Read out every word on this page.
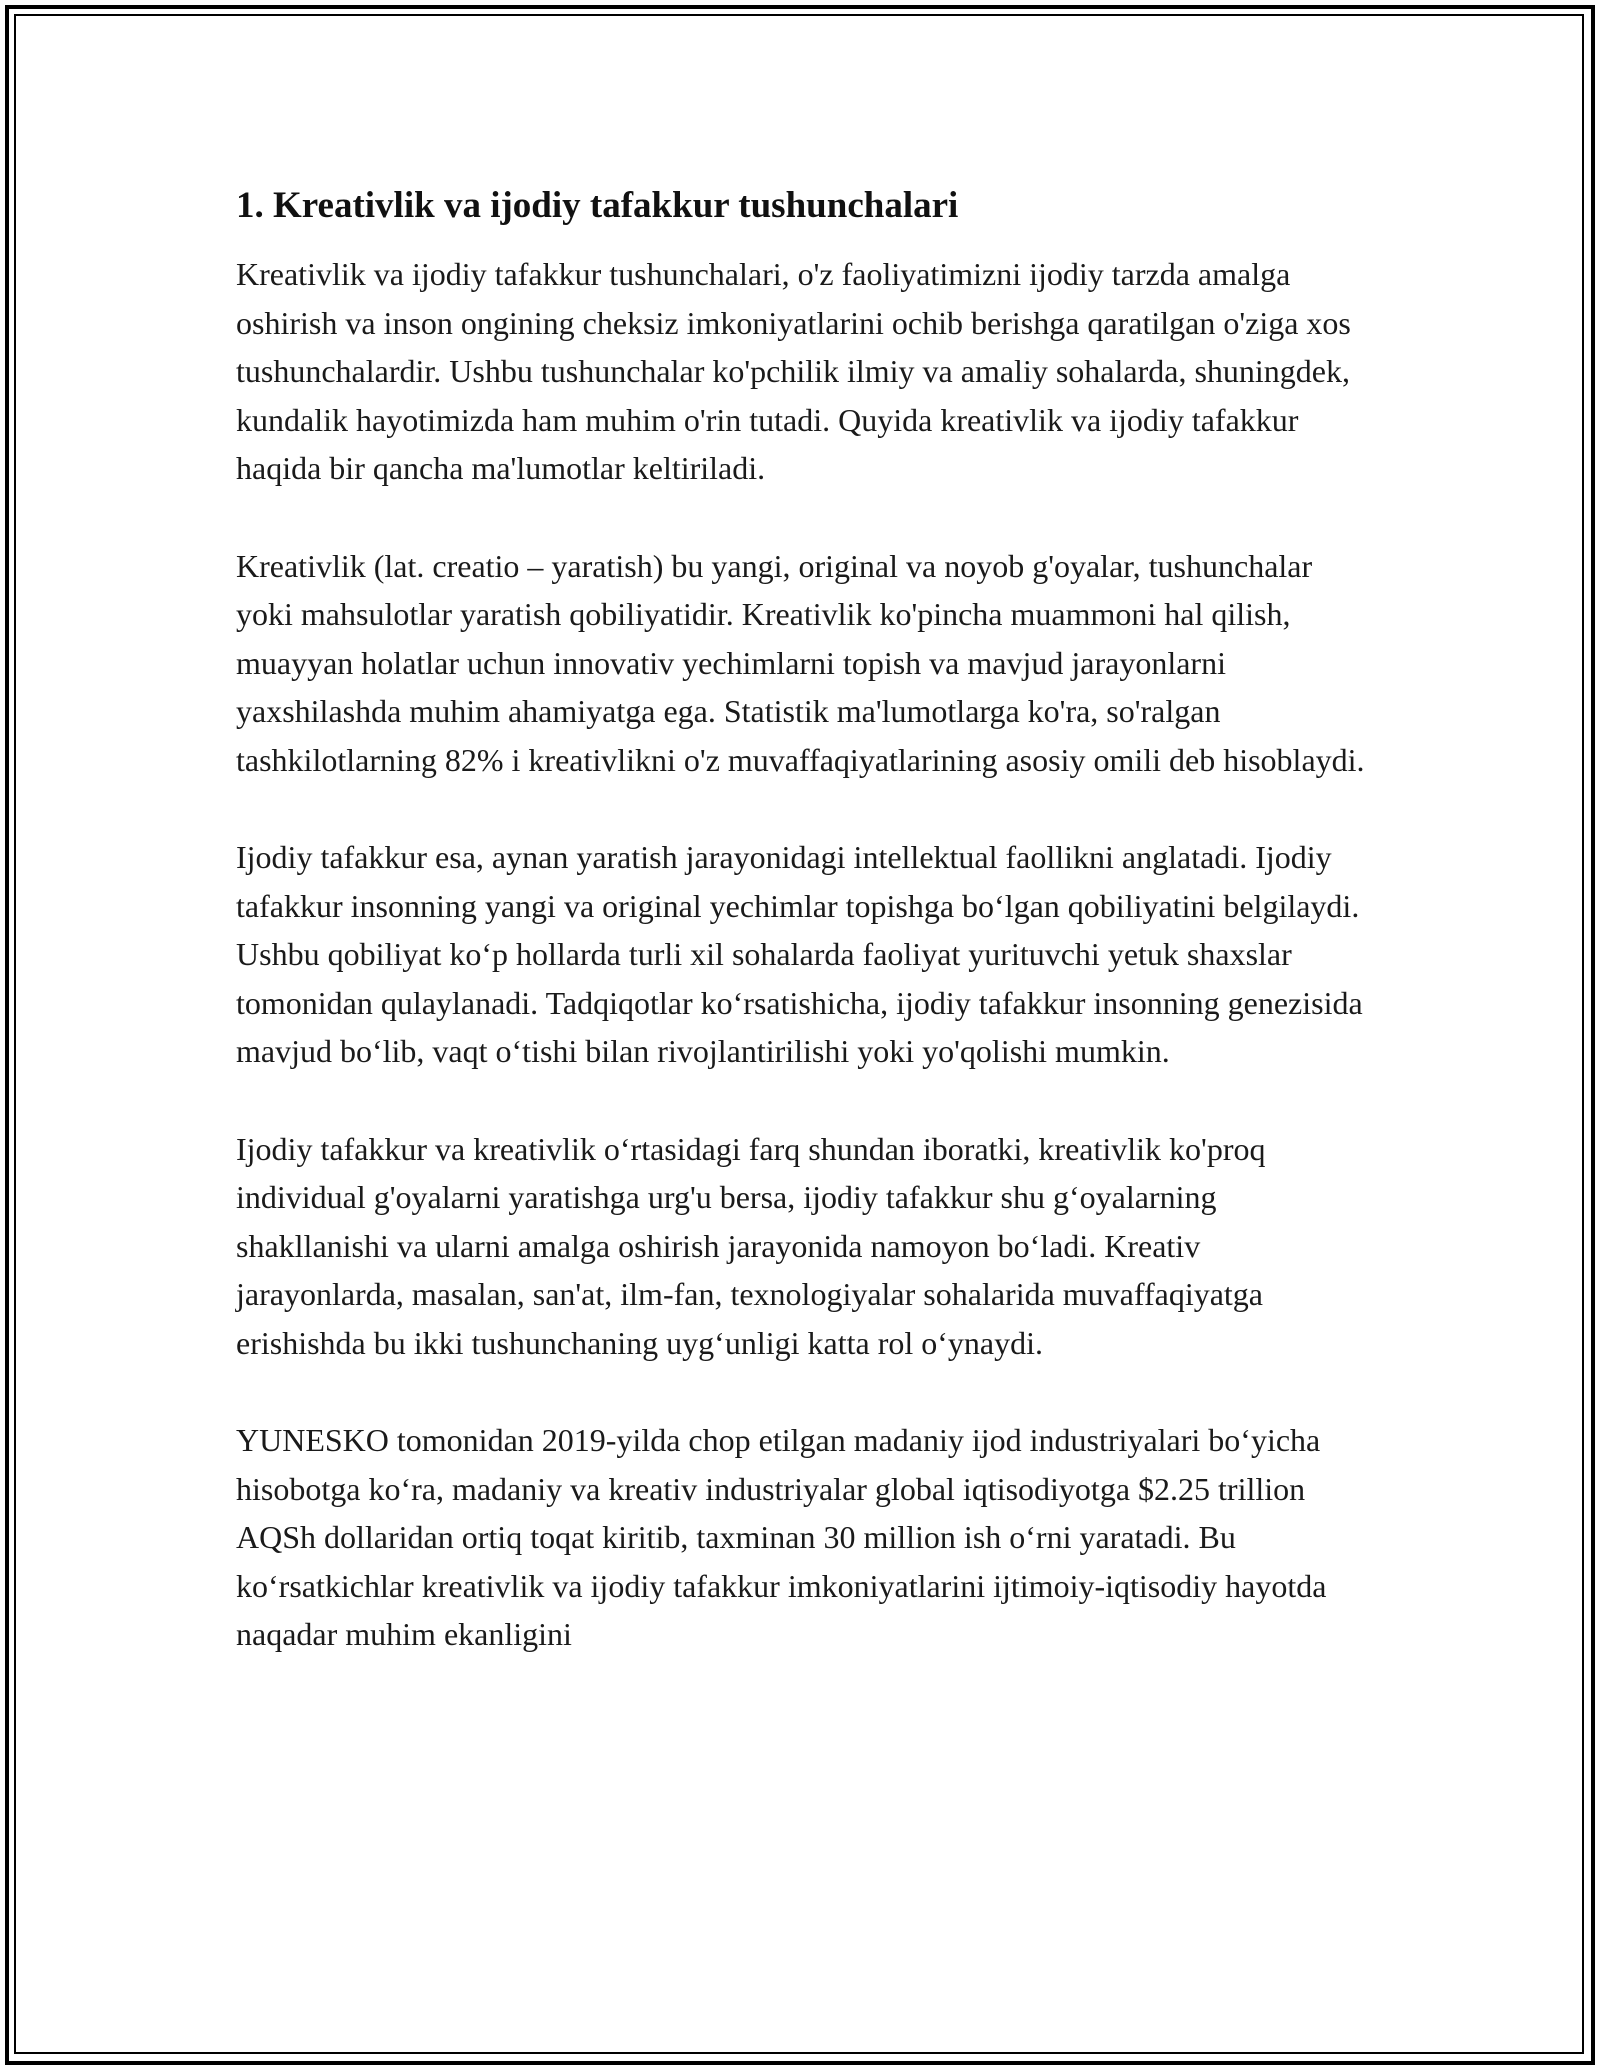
1. Kreativlik va ijodiy tafakkur tushunchalari

Kreativlik va ijodiy tafakkur tushunchalari, o'z faoliyatimizni ijodiy tarzda amalga oshirish va inson ongining cheksiz imkoniyatlarini ochib berishga qaratilgan o'ziga xos tushunchalardir. Ushbu tushunchalar ko'pchilik ilmiy va amaliy sohalarda, shuningdek, kundalik hayotimizda ham muhim o'rin tutadi. Quyida kreativlik va ijodiy tafakkur haqida bir qancha ma'lumotlar keltiriladi.

Kreativlik (lat. creatio – yaratish) bu yangi, original va noyob g'oyalar, tushunchalar yoki mahsulotlar yaratish qobiliyatidir. Kreativlik ko'pincha muammoni hal qilish, muayyan holatlar uchun innovativ yechimlarni topish va mavjud jarayonlarni yaxshilashda muhim ahamiyatga ega. Statistik ma'lumotlarga ko'ra, so'ralgan tashkilotlarning 82% i kreativlikni o'z muvaffaqiyatlarining asosiy omili deb hisoblaydi.

Ijodiy tafakkur esa, aynan yaratish jarayonidagi intellektual faollikni anglatadi. Ijodiy tafakkur insonning yangi va original yechimlar topishga bo‘lgan qobiliyatini belgilaydi. Ushbu qobiliyat ko‘p hollarda turli xil sohalarda faoliyat yurituvchi yetuk shaxslar tomonidan qulaylanadi. Tadqiqotlar ko‘rsatishicha, ijodiy tafakkur insonning genezisida mavjud bo‘lib, vaqt o‘tishi bilan rivojlantirilishi yoki yo'qolishi mumkin.

Ijodiy tafakkur va kreativlik o‘rtasidagi farq shundan iboratki, kreativlik ko'proq individual g'oyalarni yaratishga urg'u bersa, ijodiy tafakkur shu g‘oyalarning shakllanishi va ularni amalga oshirish jarayonida namoyon bo‘ladi. Kreativ jarayonlarda, masalan, san'at, ilm-fan, texnologiyalar sohalarida muvaffaqiyatga erishishda bu ikki tushunchaning uyg‘unligi katta rol o‘ynaydi.

YUNESKO tomonidan 2019-yilda chop etilgan madaniy ijod industriyalari bo‘yicha hisobotga ko‘ra, madaniy va kreativ industriyalar global iqtisodiyotga $2.25 trillion AQSh dollaridan ortiq toqat kiritib, taxminan 30 million ish o‘rni yaratadi. Bu ko‘rsatkichlar kreativlik va ijodiy tafakkur imkoniyatlarini ijtimoiy-iqtisodiy hayotda naqadar muhim ekanligini
